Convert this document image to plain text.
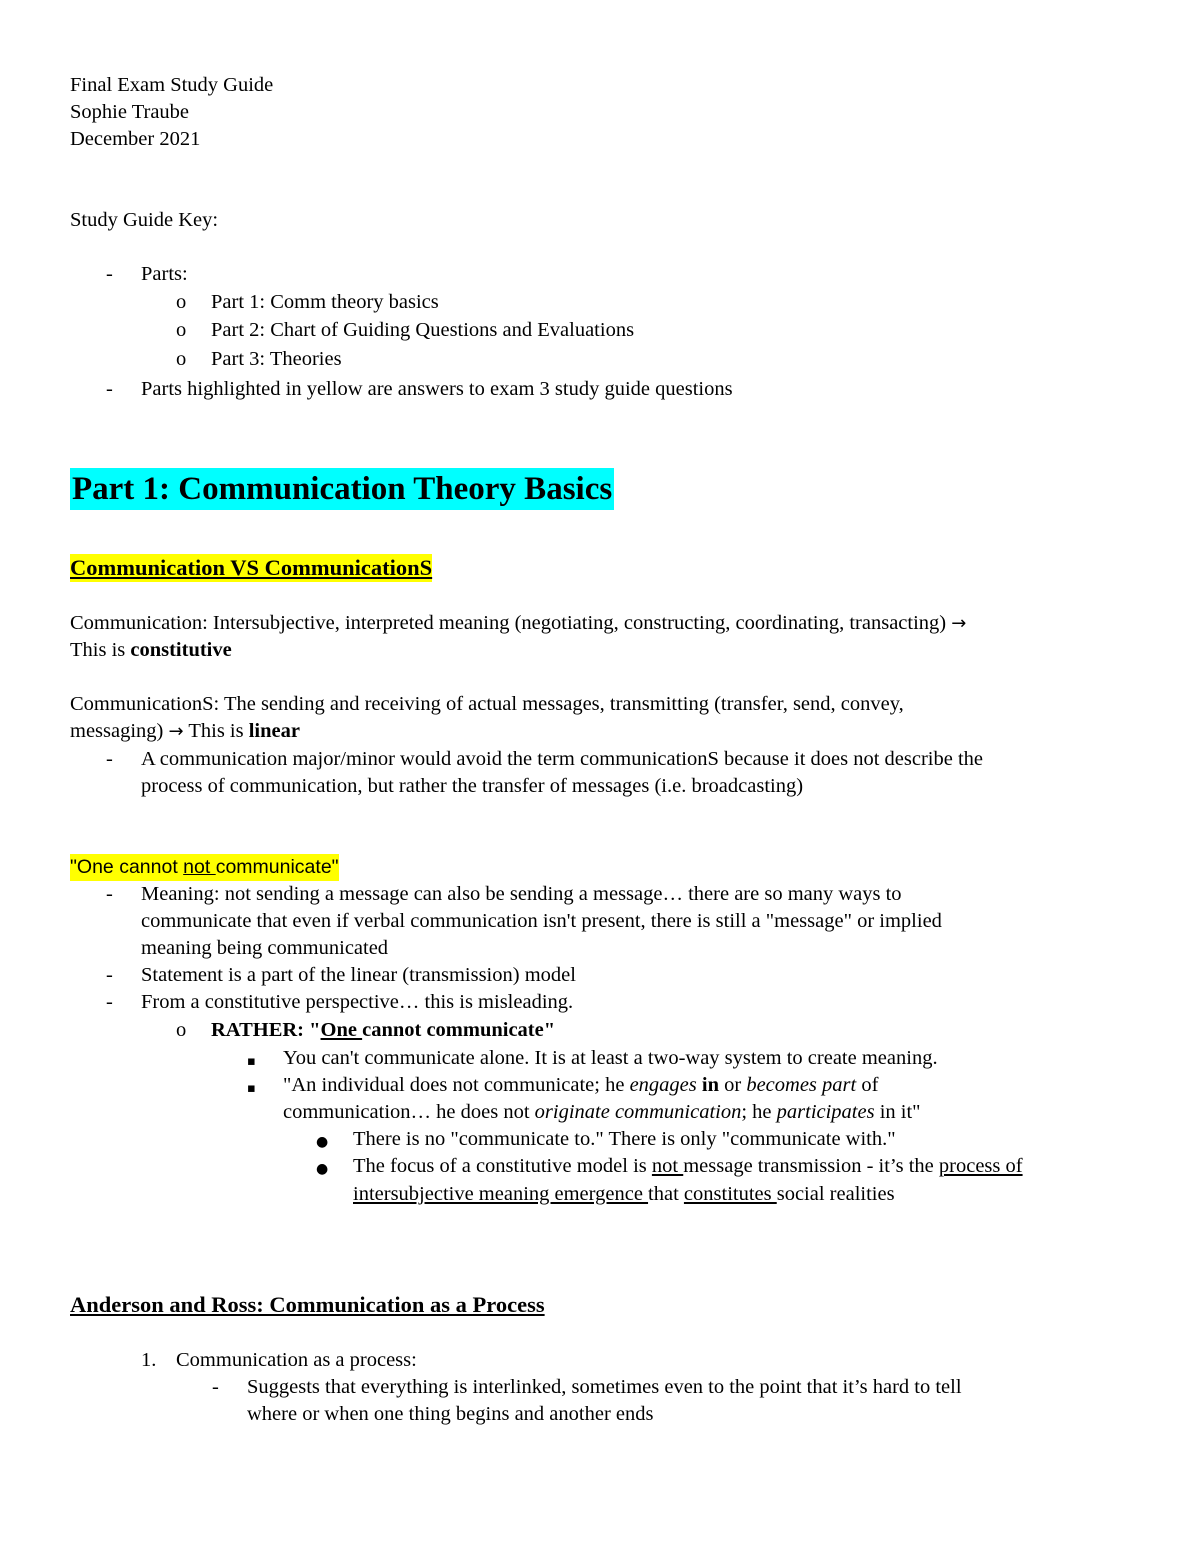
Final Exam Study Guide
Sophie Traube
December 2021
Study Guide Key:
- Parts:
o Part 1: Comm theory basics
o Part 2: Chart of Guiding Questions and Evaluations
o Part 3: Theories
- Parts highlighted in yellow are answers to exam 3 study guide questions
Part 1: Communication Theory Basics
Communication VS CommunicationS
Communication: Intersubjective, interpreted meaning (negotiating, constructing, coordinating, transacting) →
This is constitutive
CommunicationS: The sending and receiving of actual messages, transmitting (transfer, send, convey,
messaging) → This is linear
- A communication major/minor would avoid the term communicationS because it does not describe the
process of communication, but rather the transfer of messages (i.e. broadcasting)
"One cannot not communicate"
- Meaning: not sending a message can also be sending a message… there are so many ways to
communicate that even if verbal communication isn't present, there is still a "message" or implied
meaning being communicated
- Statement is a part of the linear (transmission) model
- From a constitutive perspective… this is misleading.
o RATHER: "One cannot communicate"
▪ You can't communicate alone. It is at least a two-way system to create meaning.
▪ "An individual does not communicate; he engages in or becomes part of
communication… he does not originate communication; he participates in it"
● There is no "communicate to." There is only "communicate with."
● The focus of a constitutive model is not message transmission - it’s the process of
intersubjective meaning emergence that constitutes social realities
Anderson and Ross: Communication as a Process
1. Communication as a process:
- Suggests that everything is interlinked, sometimes even to the point that it’s hard to tell
where or when one thing begins and another ends
